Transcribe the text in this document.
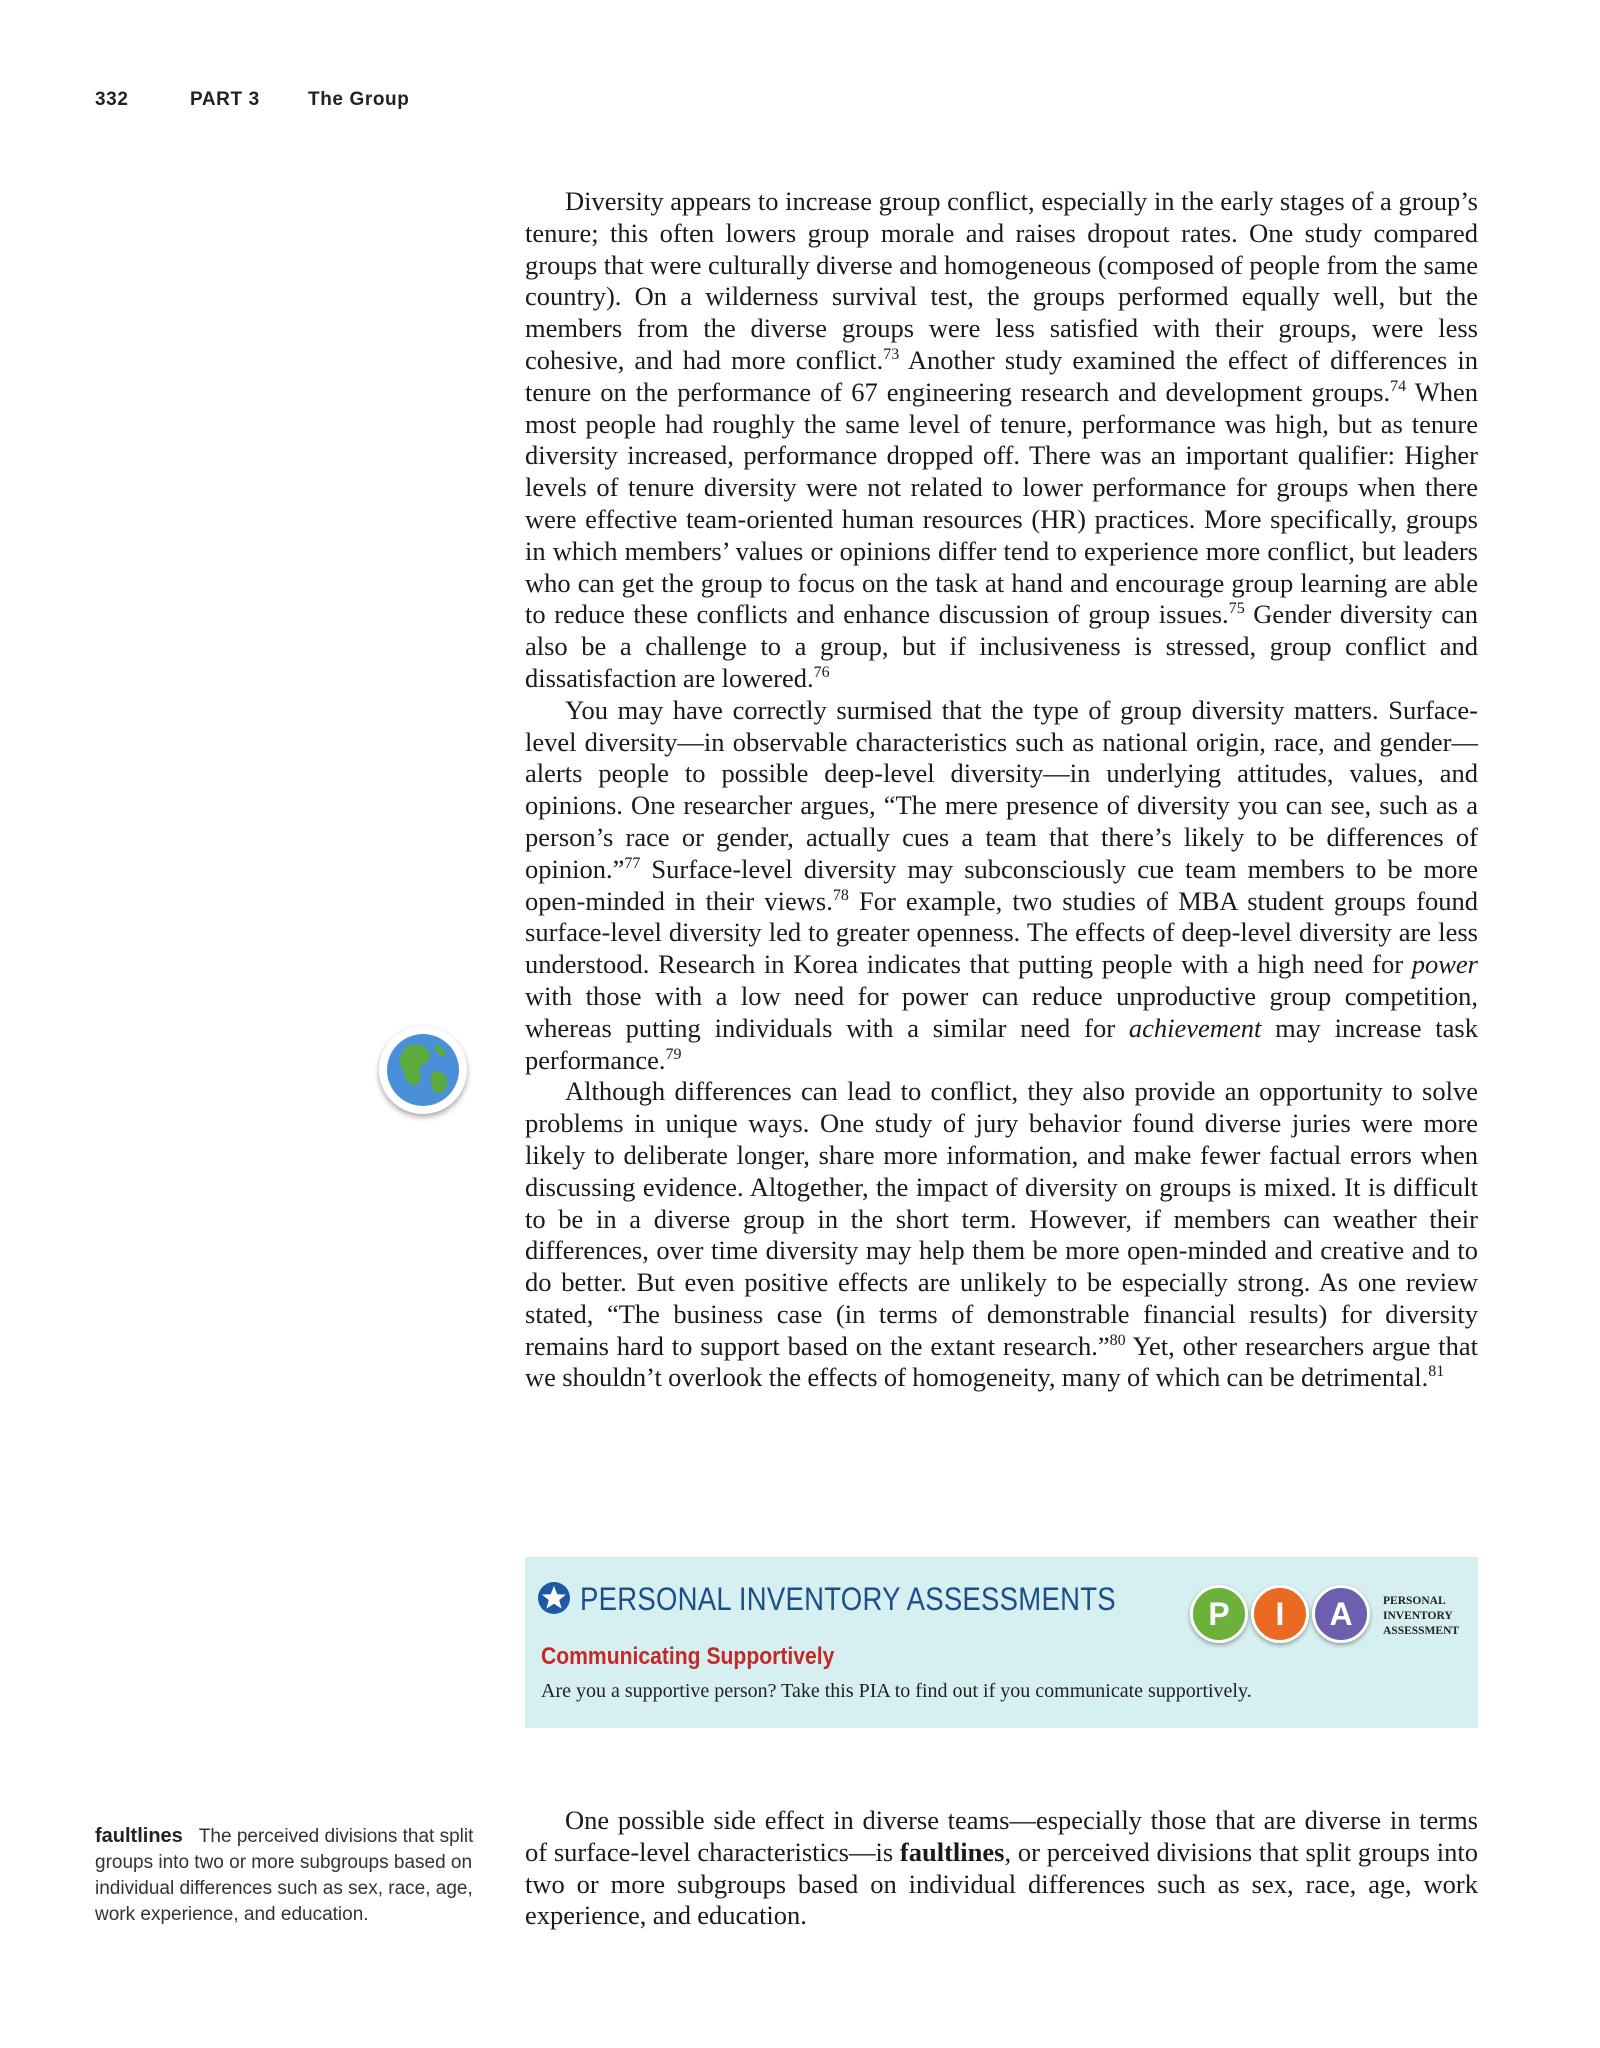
332	PART 3	The Group

Diversity appears to increase group conflict, especially in the early stages of a group’s tenure; this often lowers group morale and raises dropout rates. One study compared groups that were culturally diverse and homogeneous (composed of people from the same country). On a wilderness survival test, the groups performed equally well, but the members from the diverse groups were less satisfied with their groups, were less cohesive, and had more conflict.$^{73}$ Another study examined the effect of differences in tenure on the performance of 67 engineering research and development groups.$^{74}$ When most people had roughly the same level of tenure, performance was high, but as tenure diversity increased, performance dropped off. There was an important qualifier: Higher levels of tenure diversity were not related to lower performance for groups when there were effective team-oriented human resources (HR) practices. More specifically, groups in which members’ values or opinions differ tend to experience more conflict, but leaders who can get the group to focus on the task at hand and encourage group learning are able to reduce these conflicts and enhance discussion of group issues.$^{75}$ Gender diversity can also be a challenge to a group, but if inclusiveness is stressed, group conflict and dissatisfaction are lowered.$^{76}$

You may have correctly surmised that the type of group diversity matters. Surface-level diversity—in observable characteristics such as national origin, race, and gender—alerts people to possible deep-level diversity—in underlying attitudes, values, and opinions. One researcher argues, “The mere presence of diversity you can see, such as a person’s race or gender, actually cues a team that there’s likely to be differences of opinion.”$^{77}$ Surface-level diversity may subconsciously cue team members to be more open-minded in their views.$^{78}$ For example, two studies of MBA student groups found surface-level diversity led to greater openness. The effects of deep-level diversity are less understood. Research in Korea indicates that putting people with a high need for power with those with a low need for power can reduce unproductive group competition, whereas putting individuals with a similar need for achievement may increase task performance.$^{79}$

Although differences can lead to conflict, they also provide an opportunity to solve problems in unique ways. One study of jury behavior found diverse juries were more likely to deliberate longer, share more information, and make fewer factual errors when discussing evidence. Altogether, the impact of diversity on groups is mixed. It is difficult to be in a diverse group in the short term. However, if members can weather their differences, over time diversity may help them be more open-minded and creative and to do better. But even positive effects are unlikely to be especially strong. As one review stated, “The business case (in terms of demonstrable financial results) for diversity remains hard to support based on the extant research.”$^{80}$ Yet, other researchers argue that we shouldn’t overlook the effects of homogeneity, many of which can be detrimental.$^{81}$

PERSONAL INVENTORY ASSESSMENTS
Communicating Supportively
Are you a supportive person? Take this PIA to find out if you communicate supportively.
P	I	A	PERSONAL
INVENTORY
ASSESSMENT
faultlines The perceived divisions that split groups into two or more subgroups based on individual differences such as sex, race, age, work experience, and education.

One possible side effect in diverse teams—especially those that are diverse in terms of surface-level characteristics—is faultlines, or perceived divisions that split groups into two or more subgroups based on individual differences such as sex, race, age, work experience, and education.
